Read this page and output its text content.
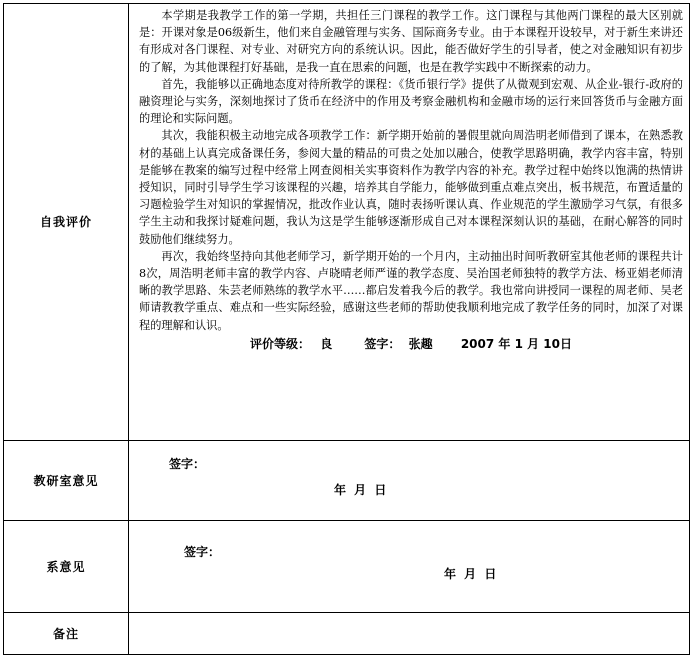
自我评价	本学期是我教学工作的第一学期，共担任三门课程的教学工作。这门课程与其他两门课程的最大区别就是：开课对象是06级新生，他们来自金融管理与实务、国际商务专业。由于本课程开设较早，对于新生来讲还有形成对各门课程、对专业、对研究方向的系统认识。因此，能否做好学生的引导者，使之对金融知识有初步的了解，为其他课程打好基础，是我一直在思索的问题，也是在教学实践中不断探索的动力。

首先，我能够以正确地态度对待所教学的课程：《货币银行学》提供了从微观到宏观、从企业-银行-政府的融资理论与实务，深刻地探讨了货币在经济中的作用及考察金融机构和金融市场的运行来回答货币与金融方面的理论和实际问题。

其次，我能积极主动地完成各项教学工作：新学期开始前的暑假里就向周浩明老师借到了课本，在熟悉教材的基础上认真完成备课任务，参阅大量的精品的可贵之处加以融合，使教学思路明确，教学内容丰富，特别是能够在教案的编写过程中经常上网查阅相关实事资料作为教学内容的补充。教学过程中始终以饱满的热情讲授知识，同时引导学生学习该课程的兴趣，培养其自学能力，能够做到重点难点突出，板书规范，布置适量的习题检验学生对知识的掌握情况，批改作业认真，随时表扬听课认真、作业规范的学生激励学习气氛，有很多学生主动和我探讨疑难问题，我认为这是学生能够逐渐形成自己对本课程深刻认识的基础，在耐心解答的同时鼓励他们继续努力。

再次，我始终坚持向其他老师学习，新学期开始的一个月内，主动抽出时间听教研室其他老师的课程共计8次，周浩明老师丰富的教学内容、卢晓晴老师严谨的教学态度、吴治国老师独特的教学方法、杨亚娟老师清晰的教学思路、朱芸老师熟练的教学水平……都启发着我今后的教学。我也常向讲授同一课程的周老师、吴老师请教教学重点、难点和一些实际经验，感谢这些老师的帮助使我顺利地完成了教学任务的同时，加深了对课程的理解和认识。

评价等级： 良 签字： 张趣 2007 年 1 月 10日

教研室意见	签字：
年 月 日

系意见	签字：
年 月 日

备注	
